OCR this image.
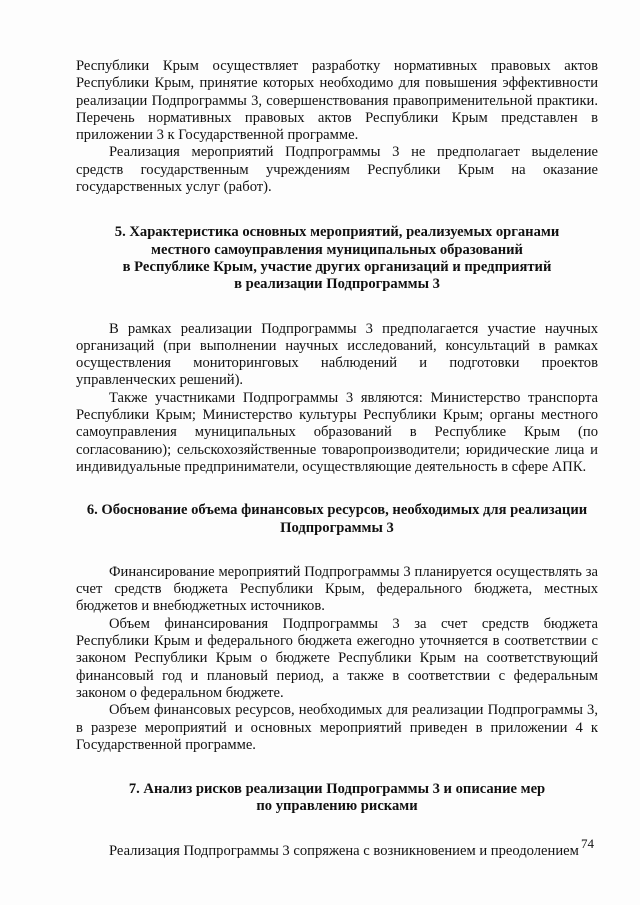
Республики Крым осуществляет разработку нормативных правовых актов Республики Крым, принятие которых необходимо для повышения эффективности реализации Подпрограммы 3, совершенствования правоприменительной практики. Перечень нормативных правовых актов Республики Крым представлен в приложении 3 к Государственной программе.

Реализация мероприятий Подпрограммы 3 не предполагает выделение средств государственным учреждениям Республики Крым на оказание государственных услуг (работ).

5. Характеристика основных мероприятий, реализуемых органами
местного самоуправления муниципальных образований
в Республике Крым, участие других организаций и предприятий
в реализации Подпрограммы 3

В рамках реализации Подпрограммы 3 предполагается участие научных организаций (при выполнении научных исследований, консультаций в рамках осуществления мониторинговых наблюдений и подготовки проектов управленческих решений).

Также участниками Подпрограммы 3 являются: Министерство транспорта Республики Крым; Министерство культуры Республики Крым; органы местного самоуправления муниципальных образований в Республике Крым (по согласованию); сельскохозяйственные товаропроизводители; юридические лица и индивидуальные предприниматели, осуществляющие деятельность в сфере АПК.

6. Обоснование объема финансовых ресурсов, необходимых для реализации
Подпрограммы 3

Финансирование мероприятий Подпрограммы 3 планируется осуществлять за счет средств бюджета Республики Крым, федерального бюджета, местных бюджетов и внебюджетных источников.

Объем финансирования Подпрограммы 3 за счет средств бюджета Республики Крым и федерального бюджета ежегодно уточняется в соответствии с законом Республики Крым о бюджете Республики Крым на соответствующий финансовый год и плановый период, а также в соответствии с федеральным законом о федеральном бюджете.

Объем финансовых ресурсов, необходимых для реализации Подпрограммы 3, в разрезе мероприятий и основных мероприятий приведен в приложении 4 к Государственной программе.

7. Анализ рисков реализации Подпрограммы 3 и описание мер
по управлению рисками

Реализация Подпрограммы 3 сопряжена с возникновением и преодолением 74
